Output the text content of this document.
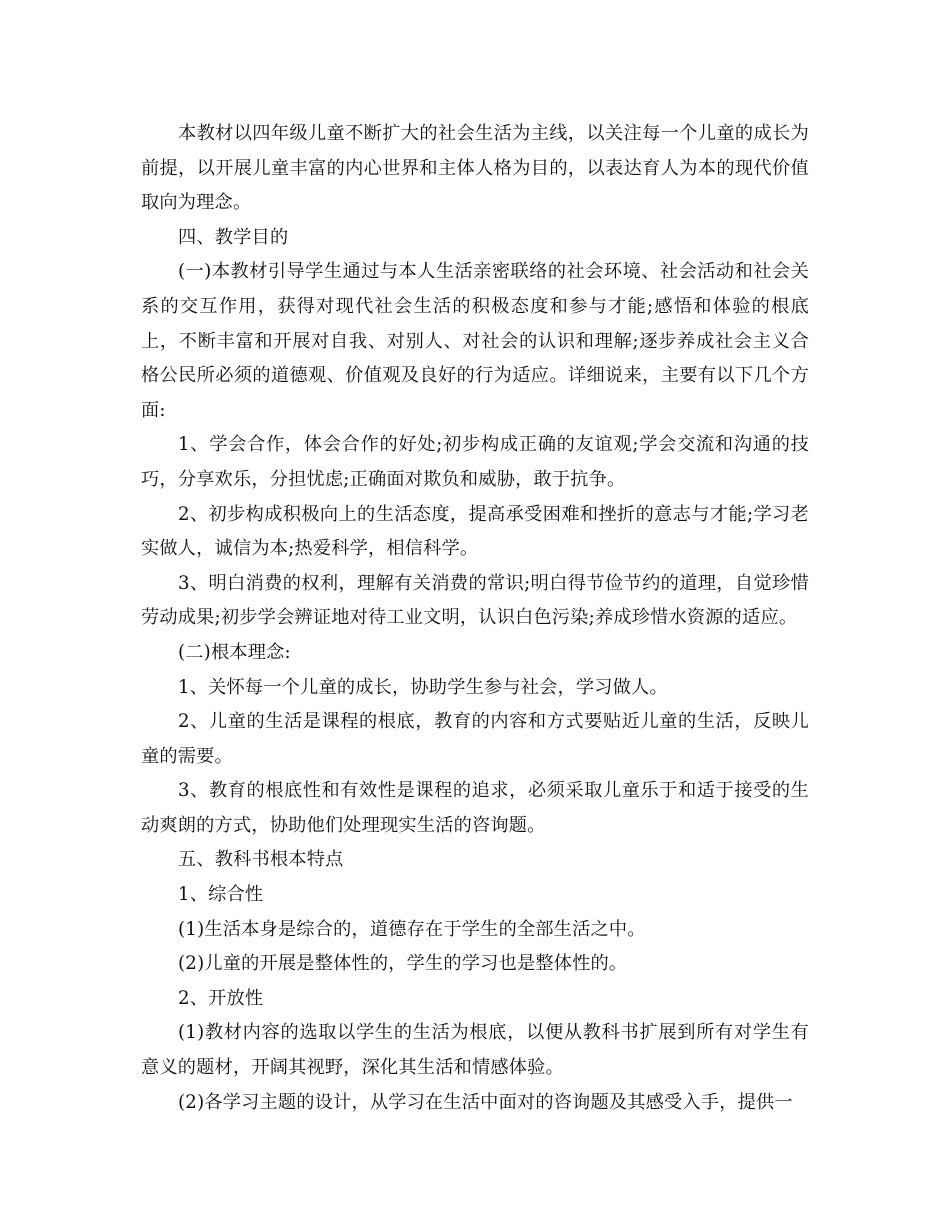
本教材以四年级儿童不断扩大的社会生活为主线，以关注每一个儿童的成长为前提，以开展儿童丰富的内心世界和主体人格为目的，以表达育人为本的现代价值取向为理念。

四、教学目的

(一)本教材引导学生通过与本人生活亲密联络的社会环境、社会活动和社会关系的交互作用，获得对现代社会生活的积极态度和参与才能;感悟和体验的根底上，不断丰富和开展对自我、对别人、对社会的认识和理解;逐步养成社会主义合格公民所必须的道德观、价值观及良好的行为适应。详细说来，主要有以下几个方面:

1、学会合作，体会合作的好处;初步构成正确的友谊观;学会交流和沟通的技巧，分享欢乐，分担忧虑;正确面对欺负和威胁，敢于抗争。

2、初步构成积极向上的生活态度，提高承受困难和挫折的意志与才能;学习老实做人，诚信为本;热爱科学，相信科学。

3、明白消费的权利，理解有关消费的常识;明白得节俭节约的道理，自觉珍惜劳动成果;初步学会辨证地对待工业文明，认识白色污染;养成珍惜水资源的适应。

(二)根本理念:

1、关怀每一个儿童的成长，协助学生参与社会，学习做人。

2、儿童的生活是课程的根底，教育的内容和方式要贴近儿童的生活，反映儿童的需要。

3、教育的根底性和有效性是课程的追求，必须采取儿童乐于和适于接受的生动爽朗的方式，协助他们处理现实生活的咨询题。

五、教科书根本特点

1、综合性

(1)生活本身是综合的，道德存在于学生的全部生活之中。

(2)儿童的开展是整体性的，学生的学习也是整体性的。

2、开放性

(1)教材内容的选取以学生的生活为根底，以便从教科书扩展到所有对学生有意义的题材，开阔其视野，深化其生活和情感体验。

(2)各学习主题的设计，从学习在生活中面对的咨询题及其感受入手，提供一
